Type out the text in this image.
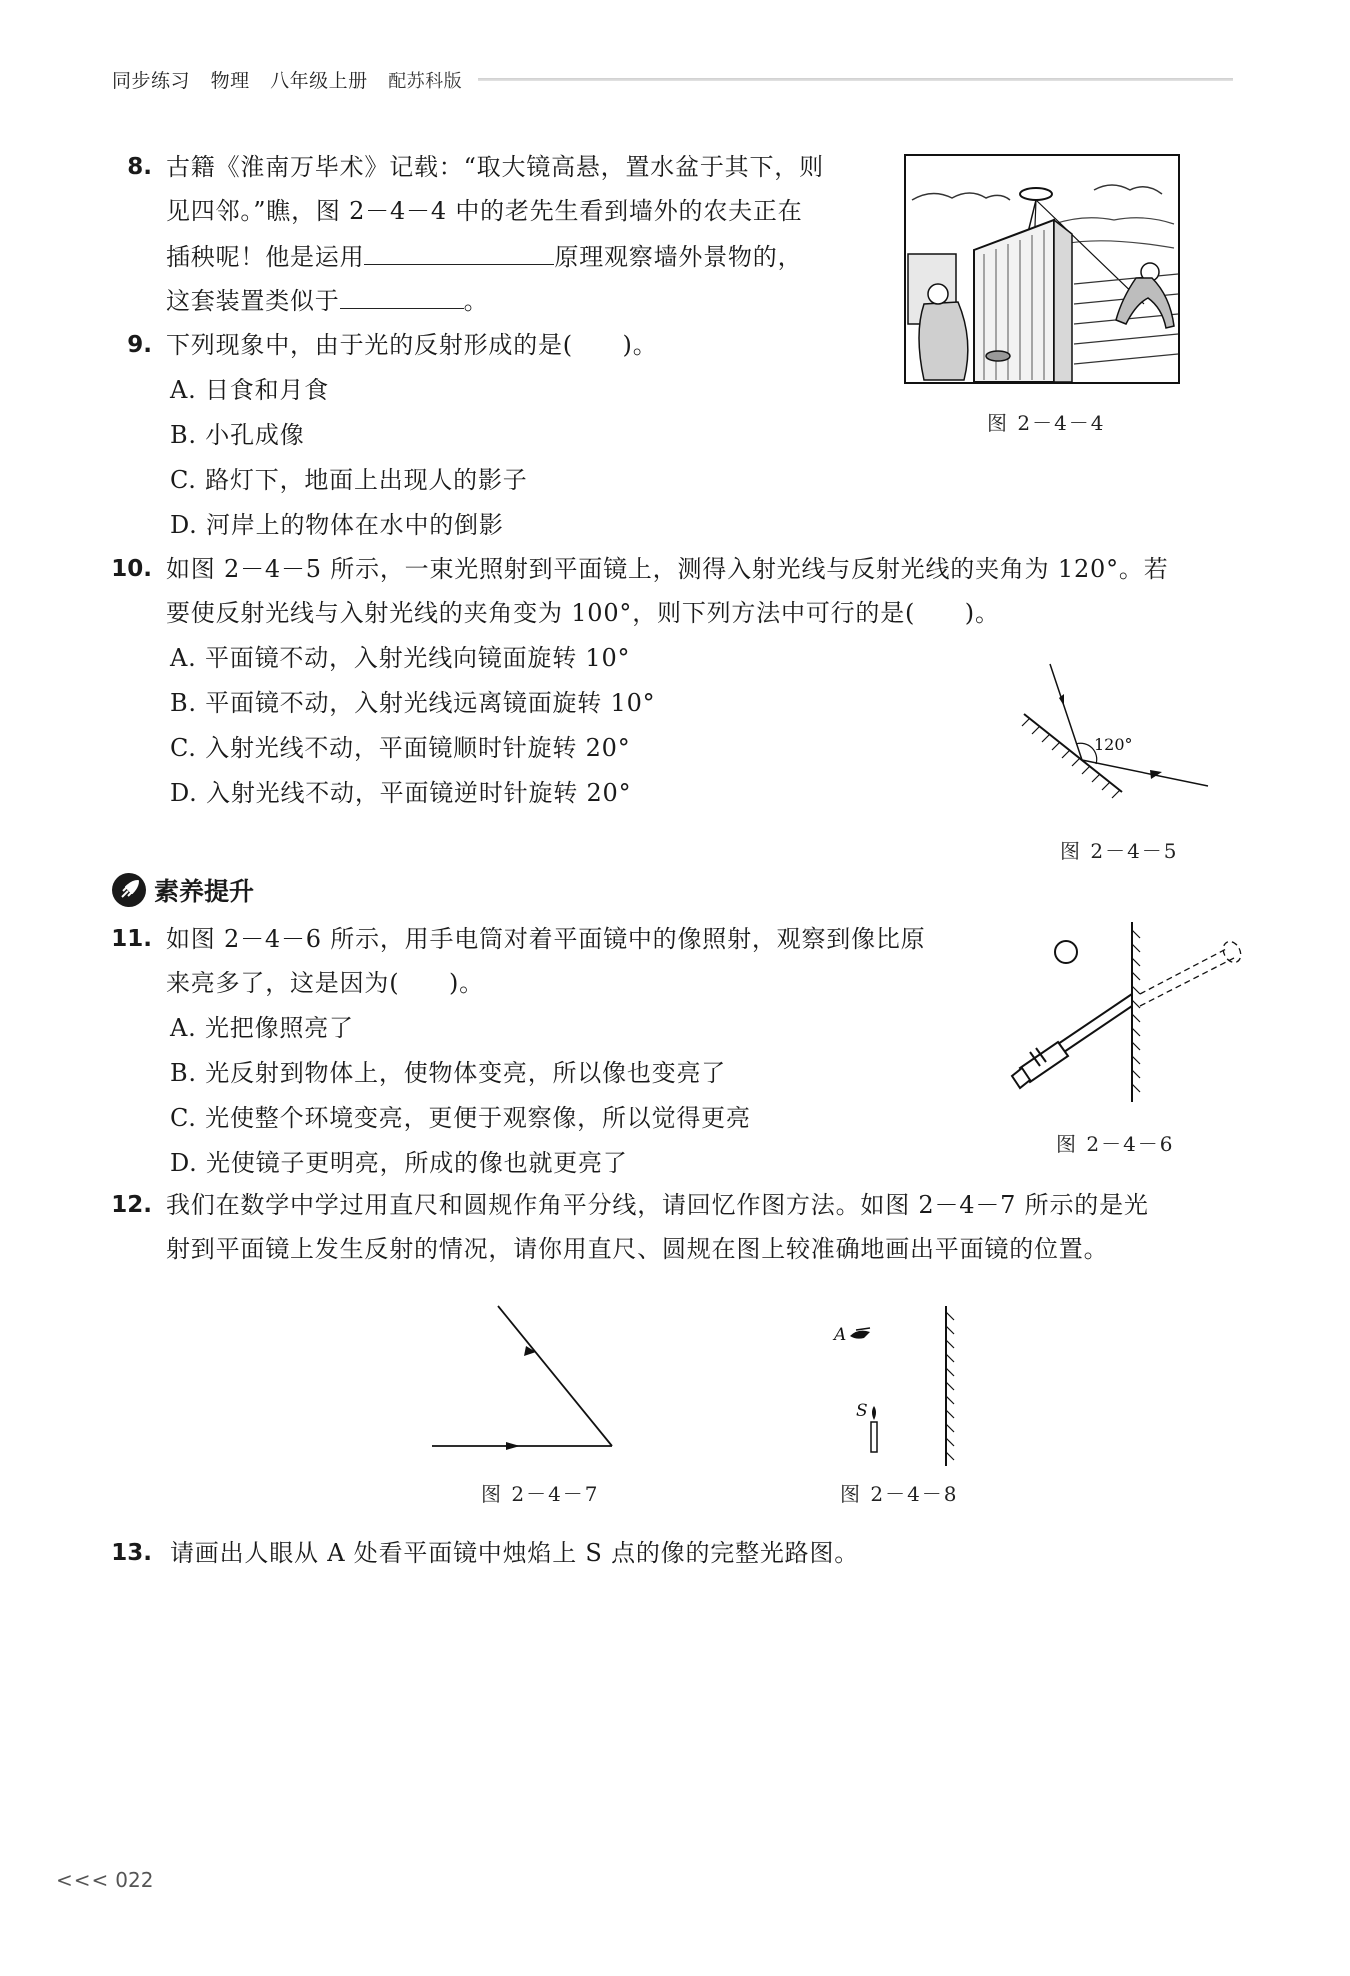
同步练习 物理 八年级上册 配苏科版
8. 古籍《淮南万毕术》记载：“取大镜高悬，置水盆于其下，则
见四邻。”瞧，图 2－4－4 中的老先生看到墙外的农夫正在
插秧呢！他是运用	原理观察墙外景物的，
这套装置类似于	。
图 2－4－4
9. 下列现象中，由于光的反射形成的是(　　)。
A. 日食和月食
B. 小孔成像
C. 路灯下，地面上出现人的影子
D. 河岸上的物体在水中的倒影
10. 如图 2－4－5 所示，一束光照射到平面镜上，测得入射光线与反射光线的夹角为 120°。若
要使反射光线与入射光线的夹角变为 100°，则下列方法中可行的是(　　)。
A. 平面镜不动，入射光线向镜面旋转 10°
B. 平面镜不动，入射光线远离镜面旋转 10°
C. 入射光线不动，平面镜顺时针旋转 20°
D. 入射光线不动，平面镜逆时针旋转 20°
120°
图 2－4－5
素养提升
11. 如图 2－4－6 所示，用手电筒对着平面镜中的像照射，观察到像比原
来亮多了，这是因为(　　)。
A. 光把像照亮了
B. 光反射到物体上，使物体变亮，所以像也变亮了
C. 光使整个环境变亮，更便于观察像，所以觉得更亮
D. 光使镜子更明亮，所成的像也就更亮了
图 2－4－6
12. 我们在数学中学过用直尺和圆规作角平分线，请回忆作图方法。如图 2－4－7 所示的是光
射到平面镜上发生反射的情况，请你用直尺、圆规在图上较准确地画出平面镜的位置。
图 2－4－7
A
S
图 2－4－8
13. 请画出人眼从 A 处看平面镜中烛焰上 S 点的像的完整光路图。
<<< 022
